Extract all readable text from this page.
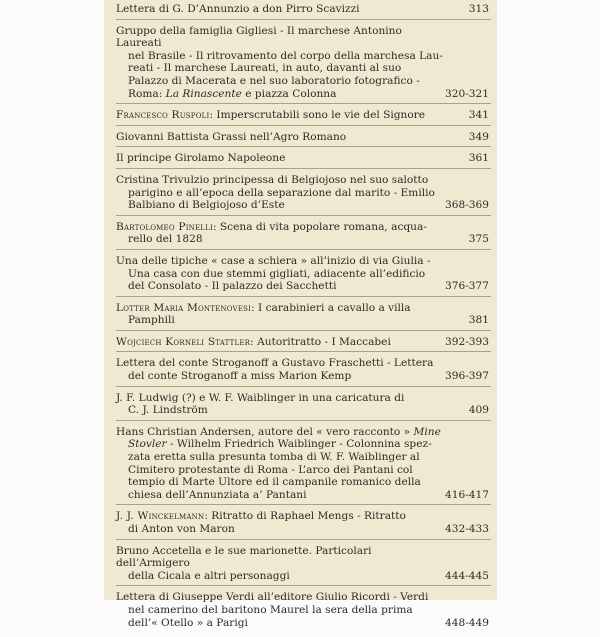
Lettera di G. D’Annunzio a don Pirro Scavizzi	313
Gruppo della famiglia Gigliesi - Il marchese Antonino Laureati
nel Brasile - Il ritrovamento del corpo della marchesa Lau-
reati - Il marchese Laureati, in auto, davanti al suo
Palazzo di Macerata e nel suo laboratorio fotografico -
Roma: La Rinascente e piazza Colonna	320-321
Francesco Ruspoli: Imperscrutabili sono le vie del Signore	341
Giovanni Battista Grassi nell’Agro Romano	349
Il principe Girolamo Napoleone	361
Cristina Trivulzio principessa di Belgiojoso nel suo salotto
parigino e all’epoca della separazione dal marito - Emilio
Balbiano di Belgiojoso d’Este	368-369
Bartolomeo Pinelli: Scena di vita popolare romana, acqua-
rello del 1828	375
Una delle tipiche « case a schiera » all’inizio di via Giulia -
Una casa con due stemmi gigliati, adiacente all’edificio
del Consolato - Il palazzo dei Sacchetti	376-377
Lotter Maria Montenovesi: I carabinieri a cavallo a villa
Pamphili	381
Wojciech Korneli Stattler: Autoritratto - I Maccabei	392-393
Lettera del conte Stroganoff a Gustavo Fraschetti - Lettera
del conte Stroganoff a miss Marion Kemp	396-397
J. F. Ludwig (?) e W. F. Waiblinger in una caricatura di
C. J. Lindström	409
Hans Christian Andersen, autore del « vero racconto » Mine
Stovler - Wilhelm Friedrich Waiblinger - Colonnina spez-
zata eretta sulla presunta tomba di W. F. Waiblinger al
Cimitero protestante di Roma - L’arco dei Pantani col
tempio di Marte Ultore ed il campanile romanico della
chiesa dell’Annunziata a’ Pantani	416-417
J. J. Winckelmann: Ritratto di Raphael Mengs - Ritratto
di Anton von Maron	432-433
Bruno Accetella e le sue marionette. Particolari dell’Armigero
della Cicala e altri personaggi	444-445
Lettera di Giuseppe Verdi all’editore Giulio Ricordi - Verdi
nel camerino del baritono Maurel la sera della prima
dell’« Otello » a Parigi	448-449
